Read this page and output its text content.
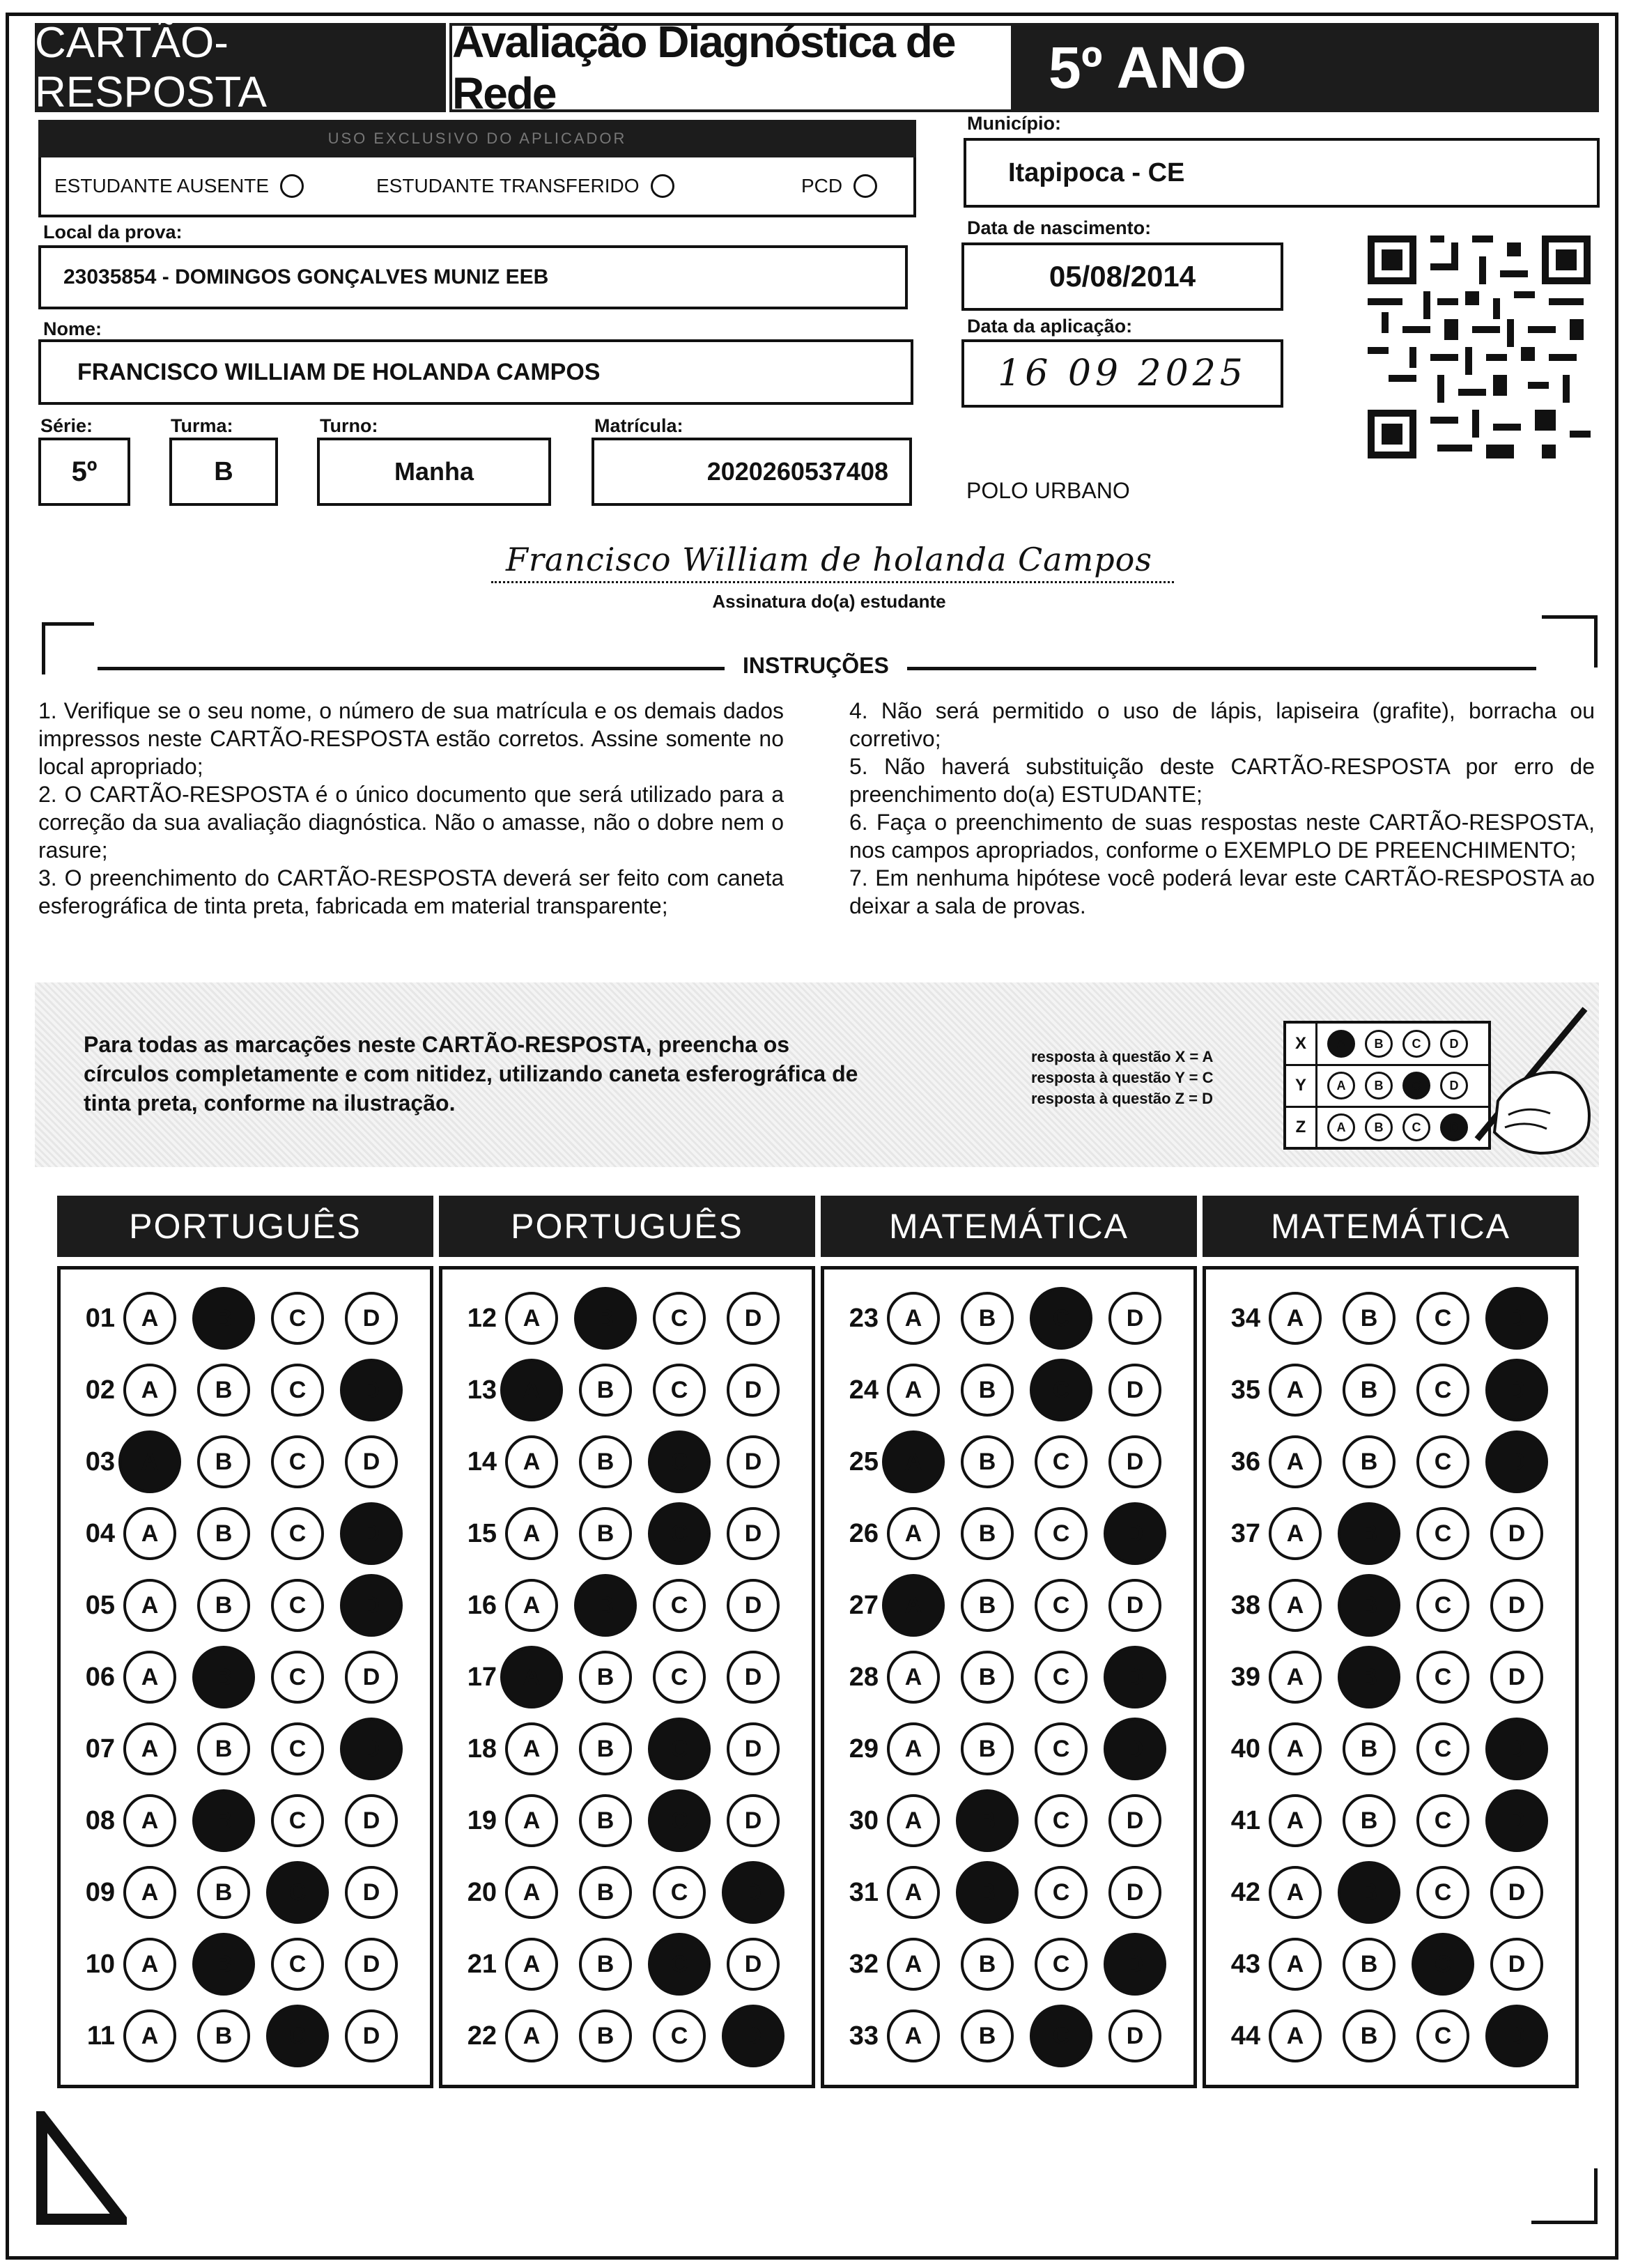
CARTÃO-RESPOSTA
Avaliação Diagnóstica de Rede	5º ANO
USO EXCLUSIVO DO APLICADOR
ESTUDANTE AUSENTE	ESTUDANTE TRANSFERIDO	PCD
Local da prova:
23035854 - DOMINGOS GONÇALVES MUNIZ EEB
Nome:
FRANCISCO WILLIAM DE HOLANDA CAMPOS
Série:
5º
Turma:
B
Turno:
Manha
Matrícula:
2020260537408
Município:
Itapipoca - CE
Data de nascimento:
05/08/2014
Data da aplicação:
16 09 2025
POLO URBANO
Francisco William de holanda Campos
Assinatura do(a) estudante
INSTRUÇÕES
1. Verifique se o seu nome, o número de sua matrícula e os demais dados impressos neste CARTÃO-RESPOSTA estão corretos. Assine somente no local apropriado;
2. O CARTÃO-RESPOSTA é o único documento que será utilizado para a correção da sua avaliação diagnóstica. Não o amasse, não o dobre nem o rasure;
3. O preenchimento do CARTÃO-RESPOSTA deverá ser feito com caneta esferográfica de tinta preta, fabricada em material transparente;
4. Não será permitido o uso de lápis, lapiseira (grafite), borracha ou corretivo;
5. Não haverá substituição deste CARTÃO-RESPOSTA por erro de preenchimento do(a) ESTUDANTE;
6. Faça o preenchimento de suas respostas neste CARTÃO-RESPOSTA, nos campos apropriados, conforme o EXEMPLO DE PREENCHIMENTO;
7. Em nenhuma hipótese você poderá levar este CARTÃO-RESPOSTA ao deixar a sala de provas.
Para todas as marcações neste CARTÃO-RESPOSTA, preencha os círculos completamente e com nitidez, utilizando caneta esferográfica de tinta preta, conforme na ilustração.
resposta à questão X = A
resposta à questão Y = C
resposta à questão Z = D
X	A	B	C	D
Y	A	B	C	D
Z	A	B	C	D
PORTUGUÊS
01	A	B	C	D
02	A	B	C	D
03	A	B	C	D
04	A	B	C	D
05	A	B	C	D
06	A	B	C	D
07	A	B	C	D
08	A	B	C	D
09	A	B	C	D
10	A	B	C	D
11	A	B	C	D
PORTUGUÊS
12	A	B	C	D
13	A	B	C	D
14	A	B	C	D
15	A	B	C	D
16	A	B	C	D
17	A	B	C	D
18	A	B	C	D
19	A	B	C	D
20	A	B	C	D
21	A	B	C	D
22	A	B	C	D
MATEMÁTICA
23	A	B	C	D
24	A	B	C	D
25	A	B	C	D
26	A	B	C	D
27	A	B	C	D
28	A	B	C	D
29	A	B	C	D
30	A	B	C	D
31	A	B	C	D
32	A	B	C	D
33	A	B	C	D
MATEMÁTICA
34	A	B	C	D
35	A	B	C	D
36	A	B	C	D
37	A	B	C	D
38	A	B	C	D
39	A	B	C	D
40	A	B	C	D
41	A	B	C	D
42	A	B	C	D
43	A	B	C	D
44	A	B	C	D
